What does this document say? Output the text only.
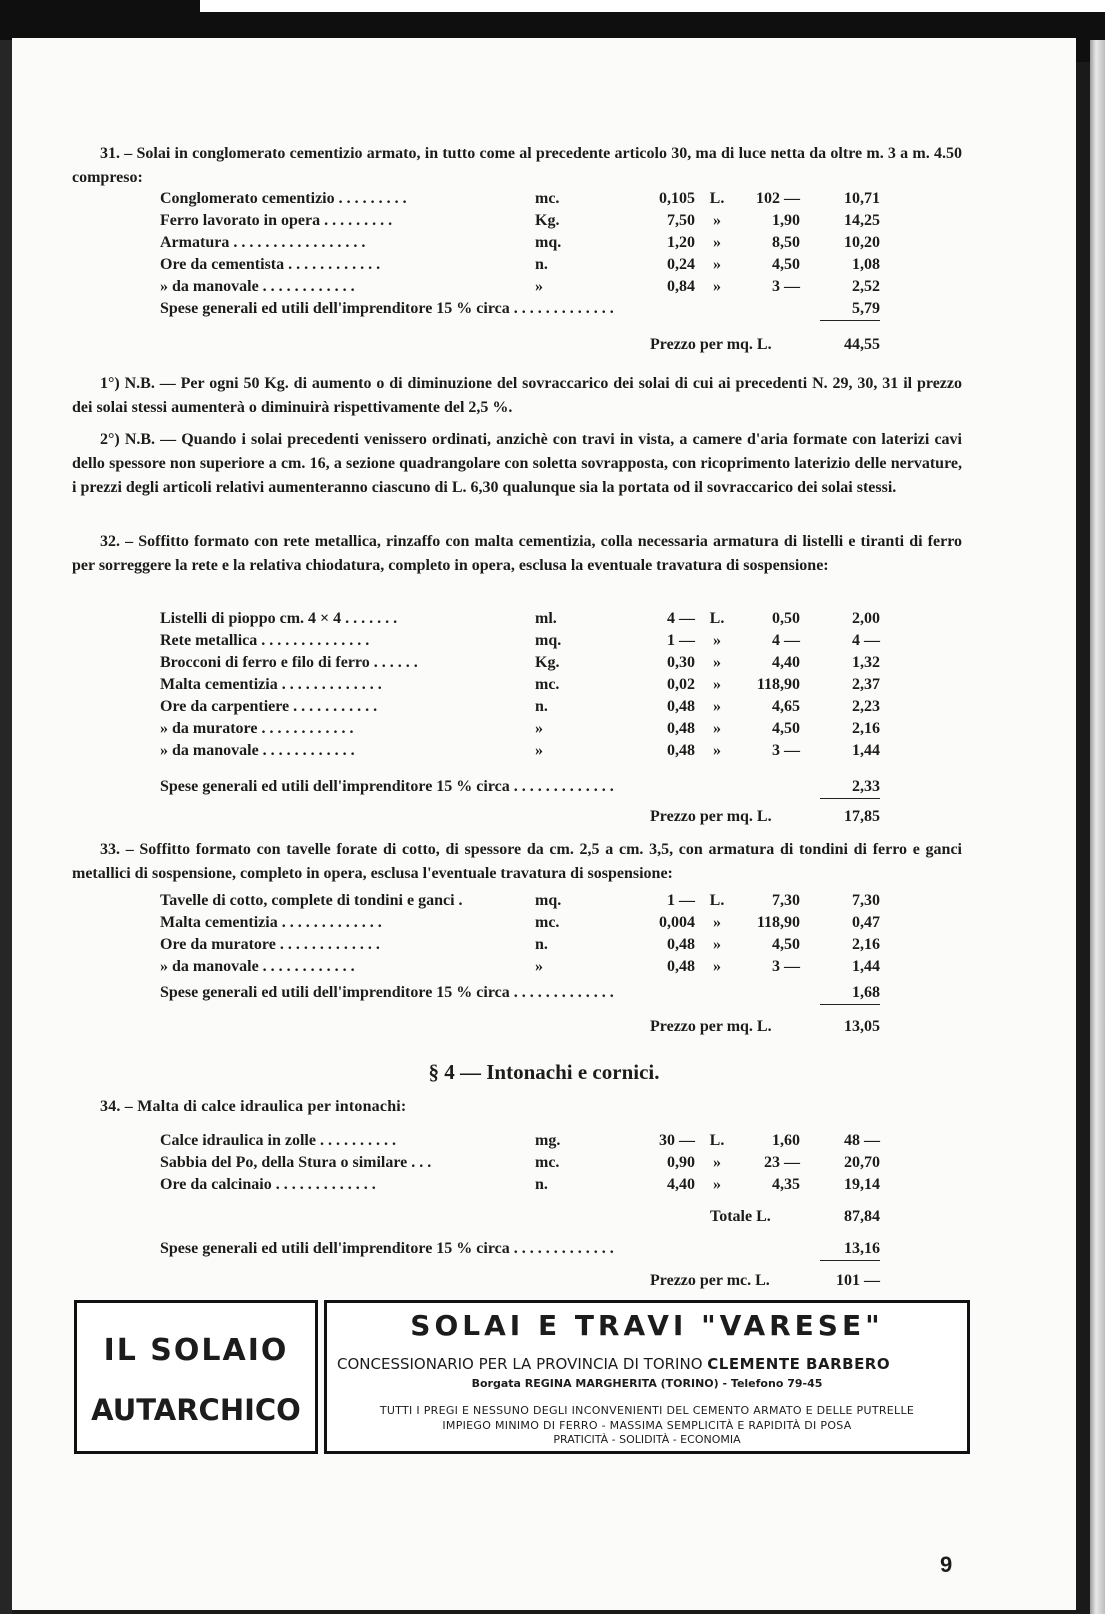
31. – Solai in conglomerato cementizio armato, in tutto come al precedente articolo 30, ma di luce netta da oltre m. 3 a m. 4.50 compreso:
Conglomerato cementizio . . . . . . . . .	mc.	0,105 L.	102 —	10,71
Ferro lavorato in opera . . . . . . . . .	Kg.	7,50	»	1,90	14,25
Armatura . . . . . . . . . . . . . . . . .	mq.	1,20	»	8,50	10,20
Ore da cementista . . . . . . . . . . . .	n.	0,24	»	4,50	1,08
» da manovale . . . . . . . . . . . .	»	0,84	»	3 —	2,52
Spese generali ed utili dell'imprenditore 15 % circa . . . . . . . . . . . . .	5,79
Prezzo per mq. L.	44,55
1°) N.B. — Per ogni 50 Kg. di aumento o di diminuzione del sovraccarico dei solai di cui ai precedenti N. 29, 30, 31 il prezzo dei solai stessi aumenterà o diminuirà rispettivamente del 2,5 %.
2°) N.B. — Quando i solai precedenti venissero ordinati, anzichè con travi in vista, a camere d'aria formate con laterizi cavi dello spessore non superiore a cm. 16, a sezione quadrangolare con soletta sovrapposta, con ricoprimento laterizio delle nervature, i prezzi degli articoli relativi aumenteranno ciascuno di L. 6,30 qualunque sia la portata od il sovraccarico dei solai stessi.
32. – Soffitto formato con rete metallica, rinzaffo con malta cementizia, colla necessaria armatura di listelli e tiranti di ferro per sorreggere la rete e la relativa chiodatura, completo in opera, esclusa la eventuale travatura di sospensione:
Listelli di pioppo cm. 4 × 4 . . . . . . .	ml.	4 — L.	0,50	2,00
Rete metallica . . . . . . . . . . . . . .	mq.	1 —	»	4 —	4 —
Brocconi di ferro e filo di ferro . . . . . .	Kg.	0,30	»	4,40	1,32
Malta cementizia . . . . . . . . . . . . .	mc.	0,02	»	118,90	2,37
Ore da carpentiere . . . . . . . . . . .	n.	0,48	»	4,65	2,23
» da muratore . . . . . . . . . . . .	»	0,48	»	4,50	2,16
» da manovale . . . . . . . . . . . .	»	0,48	»	3 —	1,44
Spese generali ed utili dell'imprenditore 15 % circa . . . . . . . . . . . . .	2,33
Prezzo per mq. L.	17,85
33. – Soffitto formato con tavelle forate di cotto, di spessore da cm. 2,5 a cm. 3,5, con armatura di tondini di ferro e ganci metallici di sospensione, completo in opera, esclusa l'eventuale travatura di sospensione:
Tavelle di cotto, complete di tondini e ganci .	mq.	1 — L.	7,30	7,30
Malta cementizia . . . . . . . . . . . . .	mc.	0,004	»	118,90	0,47
Ore da muratore . . . . . . . . . . . . .	n.	0,48	»	4,50	2,16
» da manovale . . . . . . . . . . . .	»	0,48	»	3 —	1,44
Spese generali ed utili dell'imprenditore 15 % circa . . . . . . . . . . . . .	1,68
Prezzo per mq. L.	13,05
§ 4 — Intonachi e cornici.
34. – Malta di calce idraulica per intonachi:
Calce idraulica in zolle . . . . . . . . . .	mg.	30 — L.	1,60	48 —
Sabbia del Po, della Stura o similare . . .	mc.	0,90	»	23 —	20,70
Ore da calcinaio . . . . . . . . . . . . .	n.	4,40	»	4,35	19,14
Totale L.	87,84
Spese generali ed utili dell'imprenditore 15 % circa . . . . . . . . . . . . .	13,16
Prezzo per mc. L.	101 —
IL SOLAIO
AUTARCHICO
SOLAI E TRAVI "VARESE"
CONCESSIONARIO PER LA PROVINCIA DI TORINO CLEMENTE BARBERO
Borgata REGINA MARGHERITA (TORINO) - Telefono 79-45
TUTTI I PREGI E NESSUNO DEGLI INCONVENIENTI DEL CEMENTO ARMATO E DELLE PUTRELLE
IMPIEGO MINIMO DI FERRO - MASSIMA SEMPLICITÀ E RAPIDITÀ DI POSA
PRATICITÀ - SOLIDITÀ - ECONOMIA
9
